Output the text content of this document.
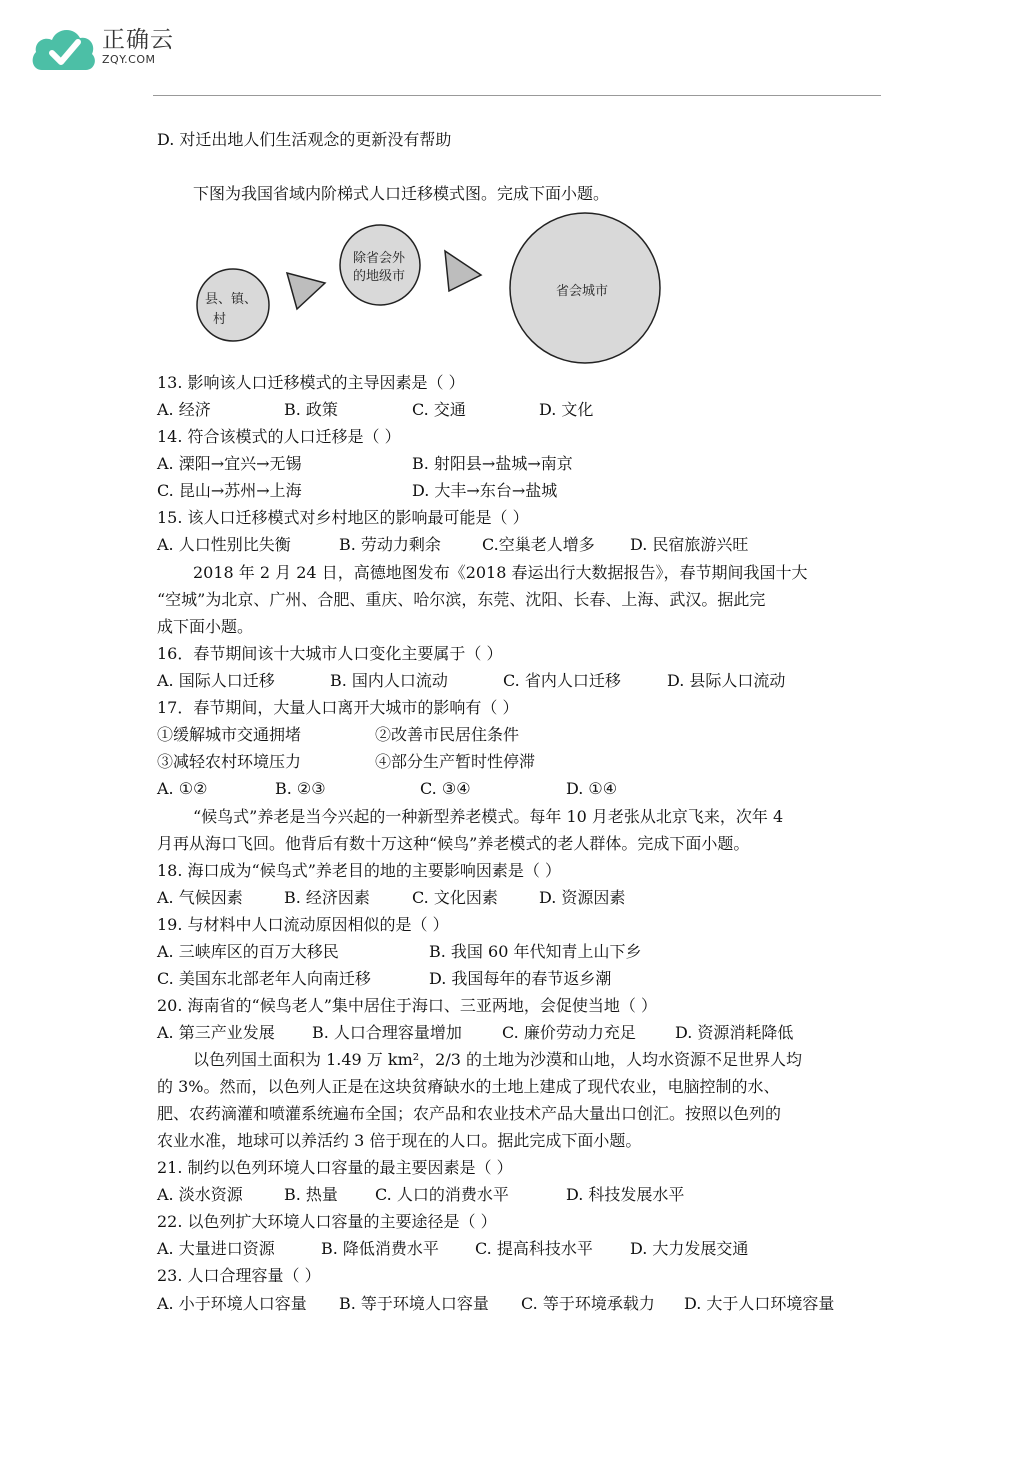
正确云
ZQY.COM
县、镇、
村
除省会外
的地级市
省会城市
D. 对迁出地人们生活观念的更新没有帮助
下图为我国省域内阶梯式人口迁移模式图。完成下面小题。
13. 影响该人口迁移模式的主导因素是（ ）
A. 经济	B. 政策	C. 交通	D. 文化
14. 符合该模式的人口迁移是（ ）
A. 溧阳→宜兴→无锡	B. 射阳县→盐城→南京
C. 昆山→苏州→上海	D. 大丰→东台→盐城
15. 该人口迁移模式对乡村地区的影响最可能是（ ）
A. 人口性别比失衡	B. 劳动力剩余	C.空巢老人增多 D. 民宿旅游兴旺
2018 年 2 月 24 日，高德地图发布《2018 春运出行大数据报告》，春节期间我国十大
“空城”为北京、广州、合肥、重庆、哈尔滨，东莞、沈阳、长春、上海、武汉。据此完
成下面小题。
16．春节期间该十大城市人口变化主要属于（ ）
A. 国际人口迁移	B. 国内人口流动	C. 省内人口迁移	D. 县际人口流动
17．春节期间，大量人口离开大城市的影响有（ ）
①缓解城市交通拥堵	②改善市民居住条件
③减轻农村环境压力	④部分生产暂时性停滞
A. ①②	B. ②③	C. ③④	D. ①④
“候鸟式”养老是当今兴起的一种新型养老模式。每年 10 月老张从北京飞来，次年 4
月再从海口飞回。他背后有数十万这种“候鸟”养老模式的老人群体。完成下面小题。
18. 海口成为“候鸟式”养老目的地的主要影响因素是（ ）
A. 气候因素	B. 经济因素	C. 文化因素	D. 资源因素
19. 与材料中人口流动原因相似的是（ ）
A. 三峡库区的百万大移民	B. 我国 60 年代知青上山下乡
C. 美国东北部老年人向南迁移	D. 我国每年的春节返乡潮
20. 海南省的“候鸟老人”集中居住于海口、三亚两地，会促使当地（ ）
A. 第三产业发展 B. 人口合理容量增加	C. 廉价劳动力充足 D. 资源消耗降低
以色列国土面积为 1.49 万 km²，2/3 的土地为沙漠和山地，人均水资源不足世界人均
的 3%。然而，以色列人正是在这块贫瘠缺水的土地上建成了现代农业，电脑控制的水、
肥、农药滴灌和喷灌系统遍布全国；农产品和农业技术产品大量出口创汇。按照以色列的
农业水准，地球可以养活约 3 倍于现在的人口。据此完成下面小题。
21. 制约以色列环境人口容量的最主要因素是（ ）
A. 淡水资源	B. 热量 C. 人口的消费水平	D. 科技发展水平
22. 以色列扩大环境人口容量的主要途径是（ ）
A. 大量进口资源	B. 降低消费水平 C. 提高科技水平 D. 大力发展交通
23. 人口合理容量（ ）
A. 小于环境人口容量 B. 等于环境人口容量 C. 等于环境承载力 D. 大于人口环境容量
